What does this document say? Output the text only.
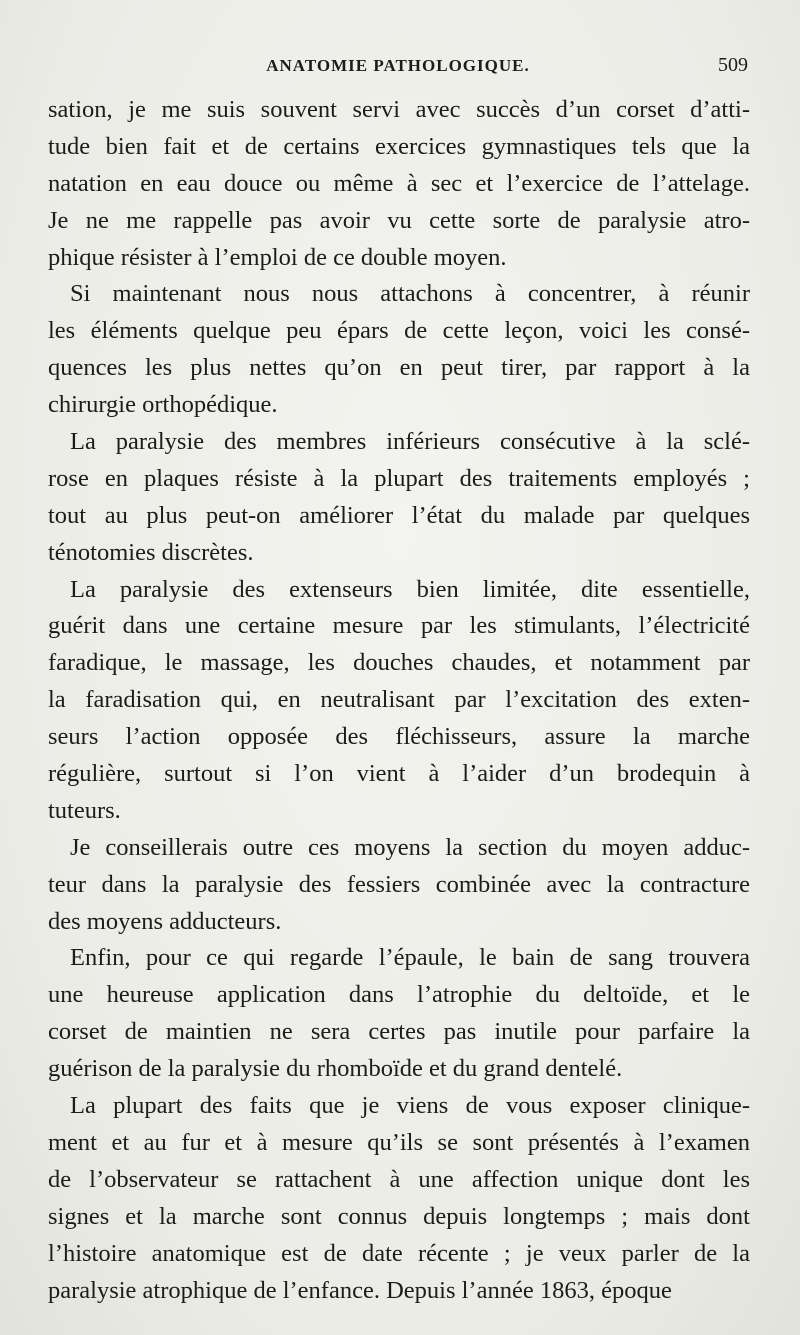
ANATOMIE PATHOLOGIQUE.	509

sation, je me suis souvent servi avec succès d’un corset d’atti-

tude bien fait et de certains exercices gymnastiques tels que la

natation en eau douce ou même à sec et l’exercice de l’attelage.

Je ne me rappelle pas avoir vu cette sorte de paralysie atro-

phique résister à l’emploi de ce double moyen.

Si maintenant nous nous attachons à concentrer, à réunir

les éléments quelque peu épars de cette leçon, voici les consé-

quences les plus nettes qu’on en peut tirer, par rapport à la

chirurgie orthopédique.

La paralysie des membres inférieurs consécutive à la sclé-

rose en plaques résiste à la plupart des traitements employés ;

tout au plus peut-on améliorer l’état du malade par quelques

ténotomies discrètes.

La paralysie des extenseurs bien limitée, dite essentielle,

guérit dans une certaine mesure par les stimulants, l’électricité

faradique, le massage, les douches chaudes, et notamment par

la faradisation qui, en neutralisant par l’excitation des exten-

seurs l’action opposée des fléchisseurs, assure la marche

régulière, surtout si l’on vient à l’aider d’un brodequin à

tuteurs.

Je conseillerais outre ces moyens la section du moyen adduc-

teur dans la paralysie des fessiers combinée avec la contracture

des moyens adducteurs.

Enfin, pour ce qui regarde l’épaule, le bain de sang trouvera

une heureuse application dans l’atrophie du deltoïde, et le

corset de maintien ne sera certes pas inutile pour parfaire la

guérison de la paralysie du rhomboïde et du grand dentelé.

La plupart des faits que je viens de vous exposer clinique-

ment et au fur et à mesure qu’ils se sont présentés à l’examen

de l’observateur se rattachent à une affection unique dont les

signes et la marche sont connus depuis longtemps ; mais dont

l’histoire anatomique est de date récente ; je veux parler de la

paralysie atrophique de l’enfance. Depuis l’année 1863, époque
